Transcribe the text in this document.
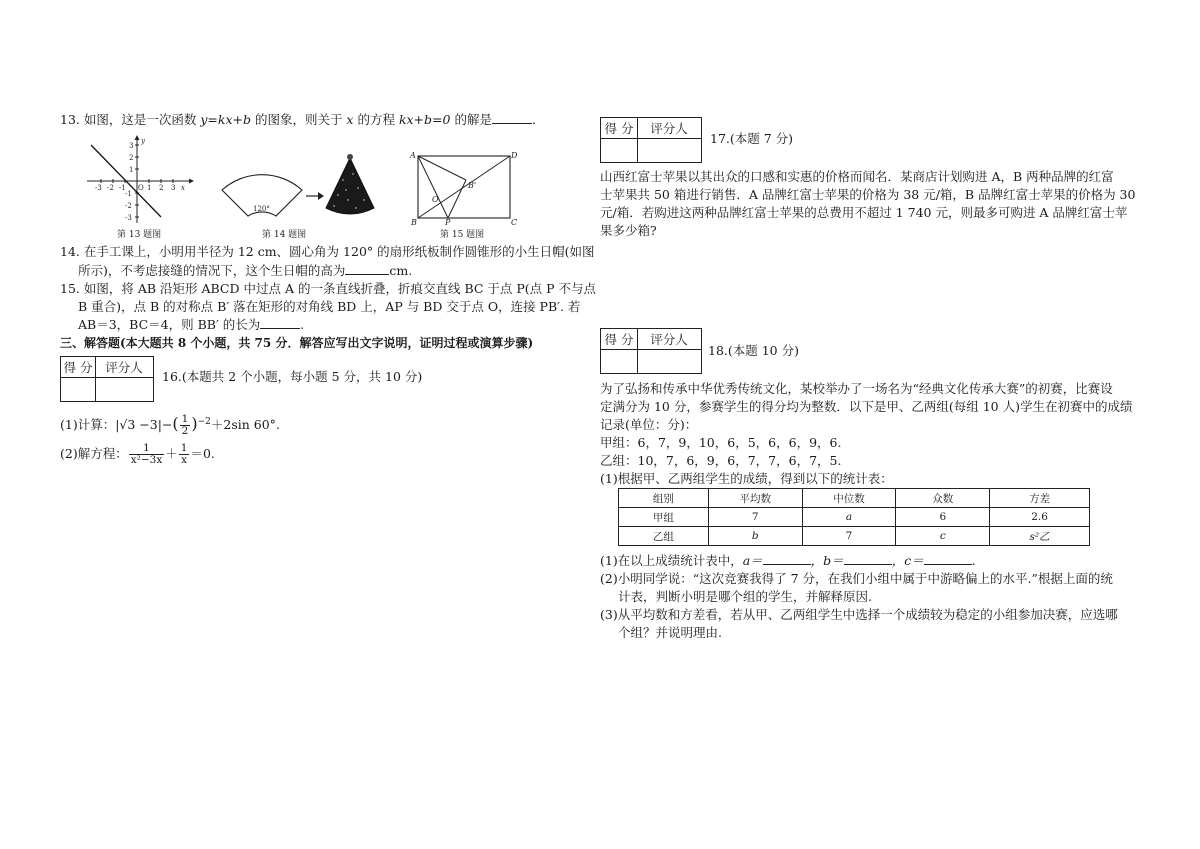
13. 如图，这是一次函数 y=kx+b 的图象，则关于 x 的方程 kx+b=0 的解是	.
3
2
1
-1
-2
-3
-3 -2 -1	1 2 3
O	x
y
第 13 题图
120°
第 14 题图
A	D
B	C
P
O
B'
第 15 题图
14. 在手工课上，小明用半径为 12 cm、圆心角为 120° 的扇形纸板制作圆锥形的小生日帽(如图
所示)，不考虑接缝的情况下，这个生日帽的高为	cm.
15. 如图，将 AB 沿矩形 ABCD 中过点 A 的一条直线折叠，折痕交直线 BC 于点 P(点 P 不与点
B 重合)，点 B 的对称点 B′ 落在矩形的对角线 BD 上，AP 与 BD 交于点 O，连接 PB′. 若
AB＝3，BC＝4，则 BB′ 的长为	.
三、解答题(本大题共 8 个小题，共 75 分．解答应写出文字说明，证明过程或演算步骤)
得 分	评分人
16.(本题共 2 个小题，每小题 5 分，共 10 分)
(1)计算：$|√3 -3|-( \frac{1}{2} )^{-2}+2\sin$ 60°.
(2)解方程： $\frac{1}{\text{x²−3x}} + \frac{1}{x} =0$.
得 分	评分人
17.(本题 7 分)
山西红富士苹果以其出众的口感和实惠的价格而闻名．某商店计划购进 A，B 两种品牌的红富
士苹果共 50 箱进行销售．A 品牌红富士苹果的价格为 38 元/箱，B 品牌红富士苹果的价格为 30
元/箱．若购进这两种品牌红富士苹果的总费用不超过 1 740 元，则最多可购进 A 品牌红富士苹
果多少箱?
得 分	评分人
18.(本题 10 分)
为了弘扬和传承中华优秀传统文化，某校举办了一场名为“经典文化传承大赛”的初赛，比赛设
定满分为 10 分，参赛学生的得分均为整数．以下是甲、乙两组(每组 10 人)学生在初赛中的成绩
记录(单位：分)：
甲组：6，7，9，10，6，5，6，6，9，6.
乙组：10，7，6，9，6，7，7，6，7，5.
(1)根据甲、乙两组学生的成绩，得到以下的统计表：
组别	平均数	中位数	众数	方差
甲组	7	a	6	2.6
乙组	b	7	c	s²乙
(1)在以上成绩统计表中，a＝	，b＝	，c＝	.
(2)小明同学说：“这次竞赛我得了 7 分，在我们小组中属于中游略偏上的水平.”根据上面的统
计表，判断小明是哪个组的学生，并解释原因.
(3)从平均数和方差看，若从甲、乙两组学生中选择一个成绩较为稳定的小组参加决赛，应选哪
个组？并说明理由.
